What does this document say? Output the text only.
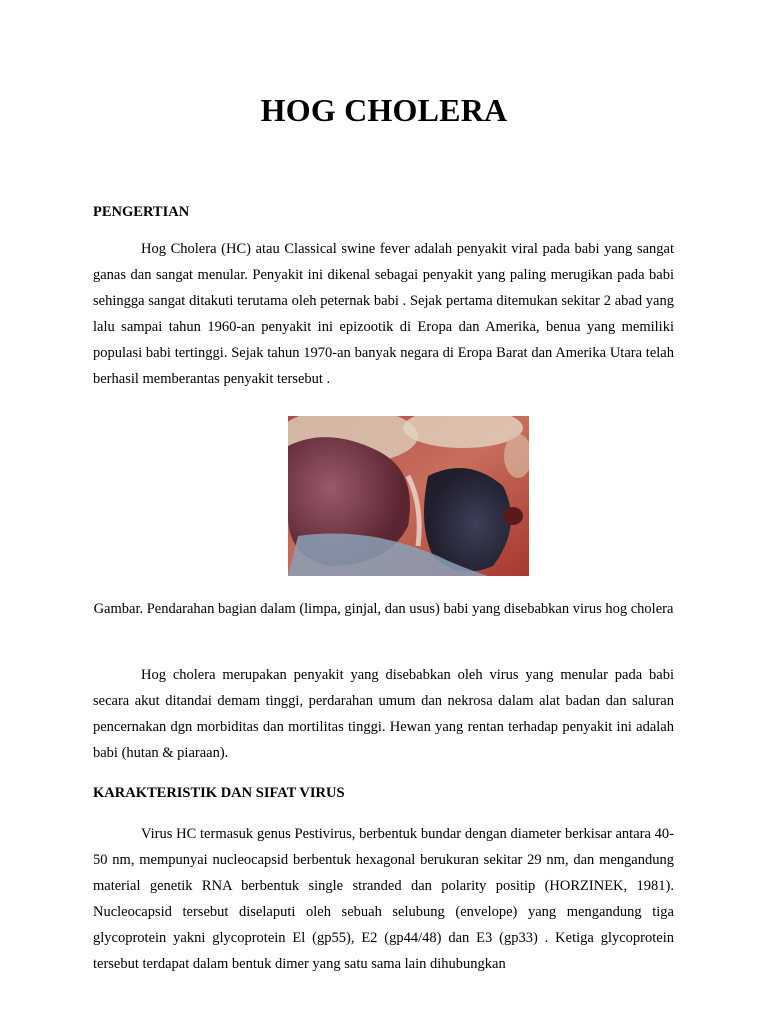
HOG CHOLERA
PENGERTIAN

Hog Cholera (HC) atau Classical swine fever adalah penyakit viral pada babi yang sangat ganas dan sangat menular. Penyakit ini dikenal sebagai penyakit yang paling merugikan pada babi sehingga sangat ditakuti terutama oleh peternak babi . Sejak pertama ditemukan sekitar 2 abad yang lalu sampai tahun 1960-an penyakit ini epizootik di Eropa dan Amerika, benua yang memiliki populasi babi tertinggi. Sejak tahun 1970-an banyak negara di Eropa Barat dan Amerika Utara telah berhasil memberantas penyakit tersebut .

Gambar. Pendarahan bagian dalam (limpa, ginjal, dan usus) babi yang disebabkan virus hog cholera

Hog cholera merupakan penyakit yang disebabkan oleh virus yang menular pada babi secara akut ditandai demam tinggi, perdarahan umum dan nekrosa dalam alat badan dan saluran pencernakan dgn morbiditas dan mortilitas tinggi. Hewan yang rentan terhadap penyakit ini adalah babi (hutan & piaraan).

KARAKTERISTIK DAN SIFAT VIRUS

Virus HC termasuk genus Pestivirus, berbentuk bundar dengan diameter berkisar antara 40-50 nm, mempunyai nucleocapsid berbentuk hexagonal berukuran sekitar 29 nm, dan mengandung material genetik RNA berbentuk single stranded dan polarity positip (HORZINEK, 1981). Nucleocapsid tersebut diselaputi oleh sebuah selubung (envelope) yang mengandung tiga glycoprotein yakni glycoprotein El (gp55), E2 (gp44/48) dan E3 (gp33) . Ketiga glycoprotein tersebut terdapat dalam bentuk dimer yang satu sama lain dihubungkan
